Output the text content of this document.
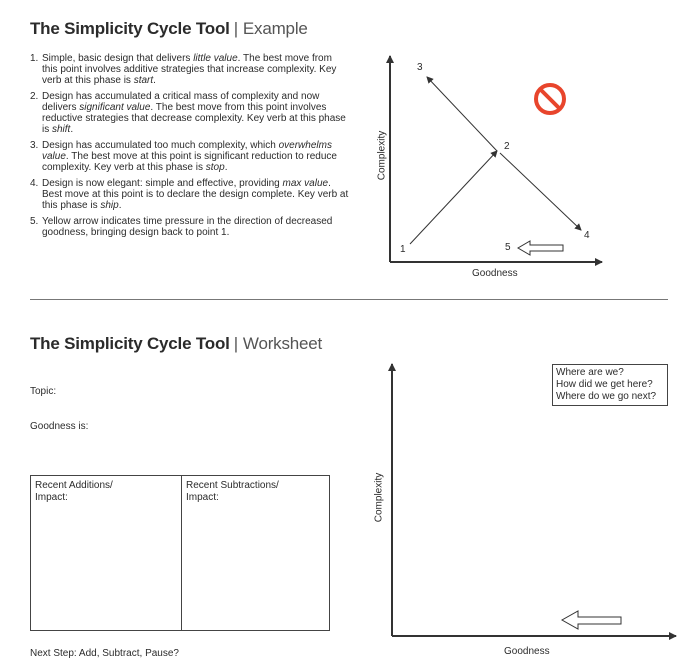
The Simplicity Cycle Tool | Example
1. Simple, basic design that delivers little value. The best move from this point involves additive strategies that increase complexity. Key verb at this phase is start.
2. Design has accumulated a critical mass of complexity and now delivers significant value. The best move from this point involves reductive strategies that decrease complexity. Key verb at this phase is shift.
3. Design has accumulated too much complexity, which overwhelms value. The best move at this point is significant reduction to reduce complexity. Key verb at this phase is stop.
4. Design is now elegant: simple and effective, providing max value. Best move at this point is to declare the design complete. Key verb at this phase is ship.
5. Yellow arrow indicates time pressure in the direction of decreased goodness, bringing design back to point 1.
1
2
3
4
5
Complexity
Goodness
The Simplicity Cycle Tool | Worksheet
Topic:
Goodness is:
Recent Additions/
Impact:
Recent Subtractions/
Impact:
Next Step: Add, Subtract, Pause?
Where are we?
How did we get here?
Where do we go next?
Complexity
Goodness
